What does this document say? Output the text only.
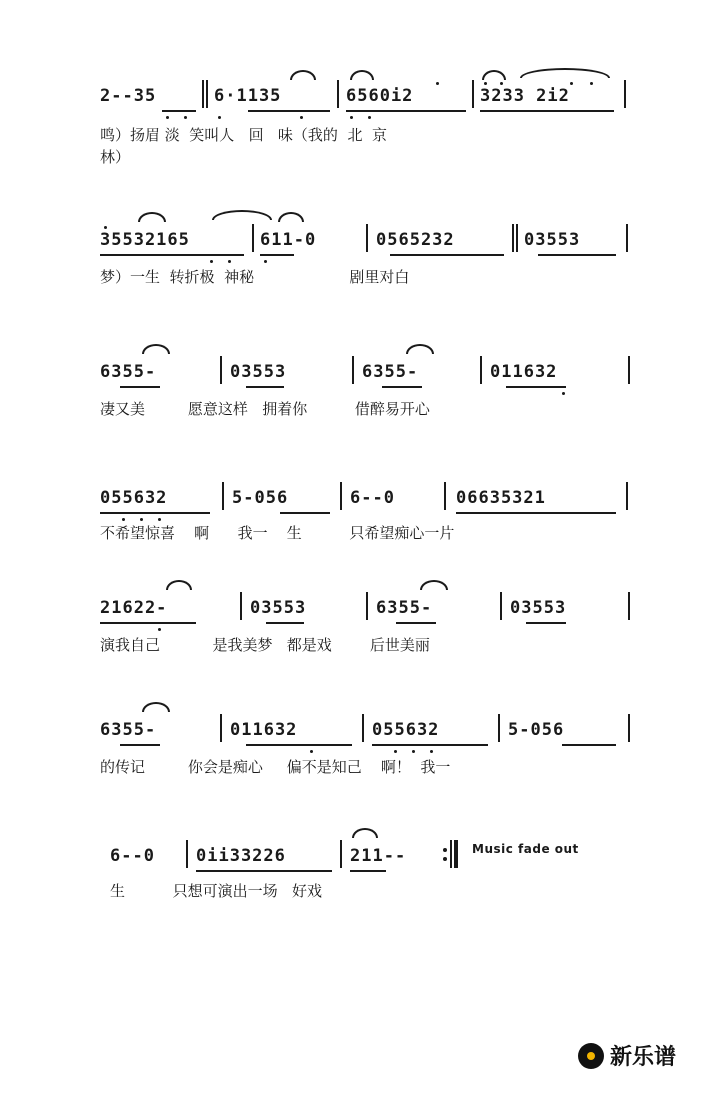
2--35

	6·1135

	6560i2

	3233 2i2

鸣）扬眉 淡  笑叫人   回   味（我的  北  京
林）

35532165

	611-0

	0565232

	03553

梦）一生  转折极  神秘                    剧里对白

6355-

	03553

	6355-

	011632

凄又美         愿意这样   拥着你          借醉易开心

055632

	5-056

	6--0

	06635321

不希望惊喜    啊      我一    生          只希望痴心一片

21622-

	03553

	6355-

	03553

演我自己           是我美梦   都是戏        后世美丽

6355-

	011632

	055632

	5-056

的传记         你会是痴心     偏不是知己    啊！  我一

6--0

0ii33226

	211--

生          只想可演出一场   好戏
Music fade out
新乐谱
